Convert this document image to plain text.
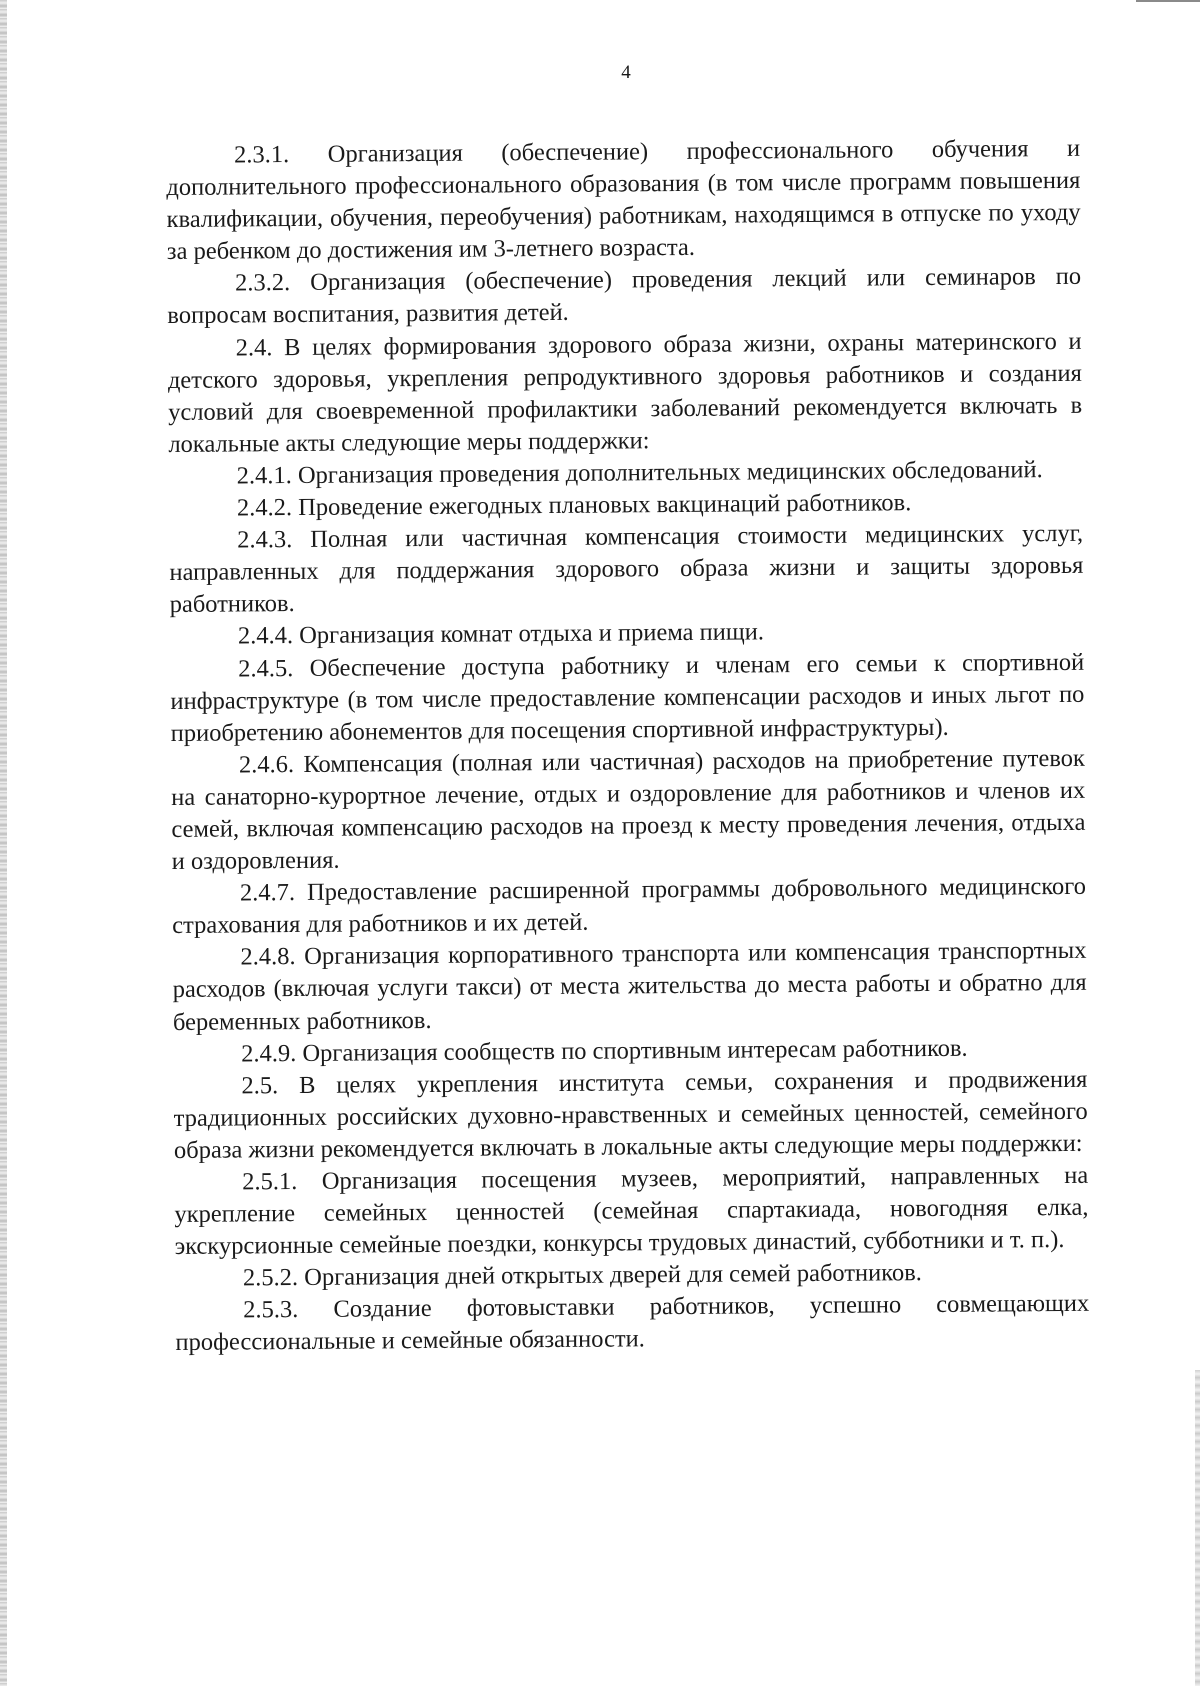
4

2.3.1. Организация (обеспечение) профессионального обучения и дополнительного профессионального образования (в том числе программ повышения квалификации, обучения, переобучения) работникам, находящимся в отпуске по уходу за ребенком до достижения им 3-летнего возраста.

2.3.2. Организация (обеспечение) проведения лекций или семинаров по вопросам воспитания, развития детей.

2.4. В целях формирования здорового образа жизни, охраны материнского и детского здоровья, укрепления репродуктивного здоровья работников и создания условий для своевременной профилактики заболеваний рекомендуется включать в локальные акты следующие меры поддержки:

2.4.1. Организация проведения дополнительных медицинских обследований.

2.4.2. Проведение ежегодных плановых вакцинаций работников.

2.4.3. Полная или частичная компенсация стоимости медицинских услуг, направленных для поддержания здорового образа жизни и защиты здоровья работников.

2.4.4. Организация комнат отдыха и приема пищи.

2.4.5. Обеспечение доступа работнику и членам его семьи к спортивной инфраструктуре (в том числе предоставление компенсации расходов и иных льгот по приобретению абонементов для посещения спортивной инфраструктуры).

2.4.6. Компенсация (полная или частичная) расходов на приобретение путевок на санаторно-курортное лечение, отдых и оздоровление для работников и членов их семей, включая компенсацию расходов на проезд к месту проведения лечения, отдыха и оздоровления.

2.4.7. Предоставление расширенной программы добровольного медицинского страхования для работников и их детей.

2.4.8. Организация корпоративного транспорта или компенсация транспортных расходов (включая услуги такси) от места жительства до места работы и обратно для беременных работников.

2.4.9. Организация сообществ по спортивным интересам работников.

2.5. В целях укрепления института семьи, сохранения и продвижения традиционных российских духовно-нравственных и семейных ценностей, семейного образа жизни рекомендуется включать в локальные акты следующие меры поддержки:

2.5.1. Организация посещения музеев, мероприятий, направленных на укрепление семейных ценностей (семейная спартакиада, новогодняя елка, экскурсионные семейные поездки, конкурсы трудовых династий, субботники и т. п.).

2.5.2. Организация дней открытых дверей для семей работников.

2.5.3. Создание фотовыставки работников, успешно совмещающих профессиональные и семейные обязанности.
